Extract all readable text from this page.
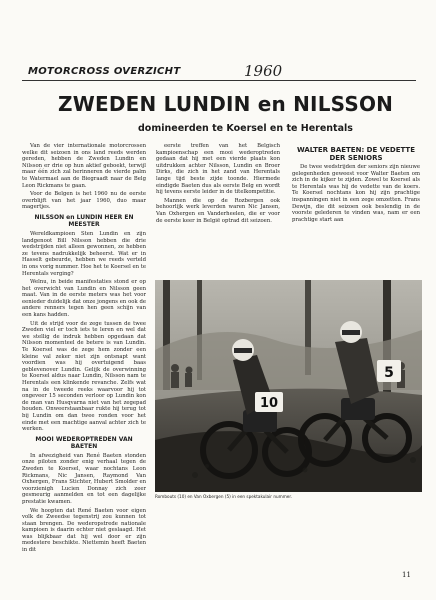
MOTORCROSS OVERZICHT	1960
ZWEDEN LUNDIN en NILSSON
domineerden te Koersel en te Herentals

Van de vier internationale motorcrossen welke dit seizoen in ons land reeds werden gereden, hebben de Zweden Lundin en Nilsson er drie op hun aktief geboekt, terwijl maar één zich zal herinneren de vierde palm te Watermael aan de Biegraadt naar de Belg Leon Rickmans te gaan.

Voor de Belgen is het 1960 nu de eerste overblijft van het jaar 1960, duo maar magertjes.

NILSSON en LUNDIN HEER EN MEESTER

Wereldkampioen Sten Lundin en zijn landgenoot Bill Nilsson hebben die drie wedstrijden niet alleen gewonnen, ze hebben ze tevens nadrukkelijk beheerst. Wat er in Hasselt gebeurde, hebben we reeds verteld in ons vorig nummer. Hoe het te Koersel en te Herentals verging?

Welnu, in beide manifestaties stond er op het overwicht van Lundin en Nilsson geen maat. Van in de eerste meters was het voor eenieder duidelijk dat onze jongens en ook de andere renners tegen hen geen schijn van een kans hadden.

Uit de strijd voor de zege tussen de twee Zweden viel er toch iets te leren en wel dat we stellig de indruk hebben opgedaan dat Nilsson momenteel de betere is van Lundin. Te Koersel was de zege hem zonder een kleine val zeker niet zijn ontsnapt want voordien was hij overtuigend baas geblevenover Lundin. Gelijk de overwinning te Koersel aldus naar Lundin, Nilsson nam te Herentals een klinkende revanche. Zelfs wat na in de tweede reeks waarvoor hij tot ongeveer 15 seconden verloor op Lundin kon de man van Husqvarna niet van het zegepad houden. Onweerstaanbaar rukte hij terug tot bij Lundin om dan twee ronden voor het einde met een machtige aanval achter zich te werken.

MOOI WEDEROPTREDEN VAN BAETEN

In afwezigheid van René Baeten stonden onze piloten zonder enig verhaal tegen de Zweden te Koersel, waar nochtans Leon Rickmans, Nic Jansen, Raymond Van Oxhergen, Frans Stichter, Hubert Smolder en voorzienigh Lucien Donnay zich zeer gesmeurig aanmelden en tot een dagelijke prestatie kwamen.

We hoopten dat René Baeten voor eigen volk de Zweedse tegenstrij zou kunnen tot staan brengen. De wederopstrede nationale kampioen is daarin echter niet geslaagd. Het was blijkbaar dat hij wel door er zijn medestere beschikte. Niettemin heeft Baeten in dit

eerste treffen van het Belgisch kampioenschap een mooi wederoptreden gedaan dat hij met een vierde plaats kon uitdrukken achter Nilsson, Lundin en Broer Dirks, die zich in het zand van Herentals lange tijd beste zijde toonde. Hiermede eindigde Baeten dus als eerste Belg en wordt hij tevens eerste leider in de titelkompetitie.

Mannen die op de Rozbergen ook behoorlijk werk leverden waren Nic Jansen, Van Oxhergen en Vanderheelen, die er voor de eerste keer in België optrad dit seizoen.

WALTER BAETEN: DE VEDETTE DER SENIORS

De twee wedstrijden der seniors zijn nieuwe gelegenheden geweest voor Walter Baeten om zich in de kijker te zijden. Zowel te Koersel als te Herentals was hij de vedette van de koers. Te Koersel nochtans kon hij zijn prachtige inspanningen niet in een zege omzetten. Frans Dewijn, die dit seizoen ook beslendig in de voorste gelederen te vinden was, nam er een prachtige start aan

10
5
Rombouts (10) en Van Oxbergen (5) in een spektakulair nummer.
11
